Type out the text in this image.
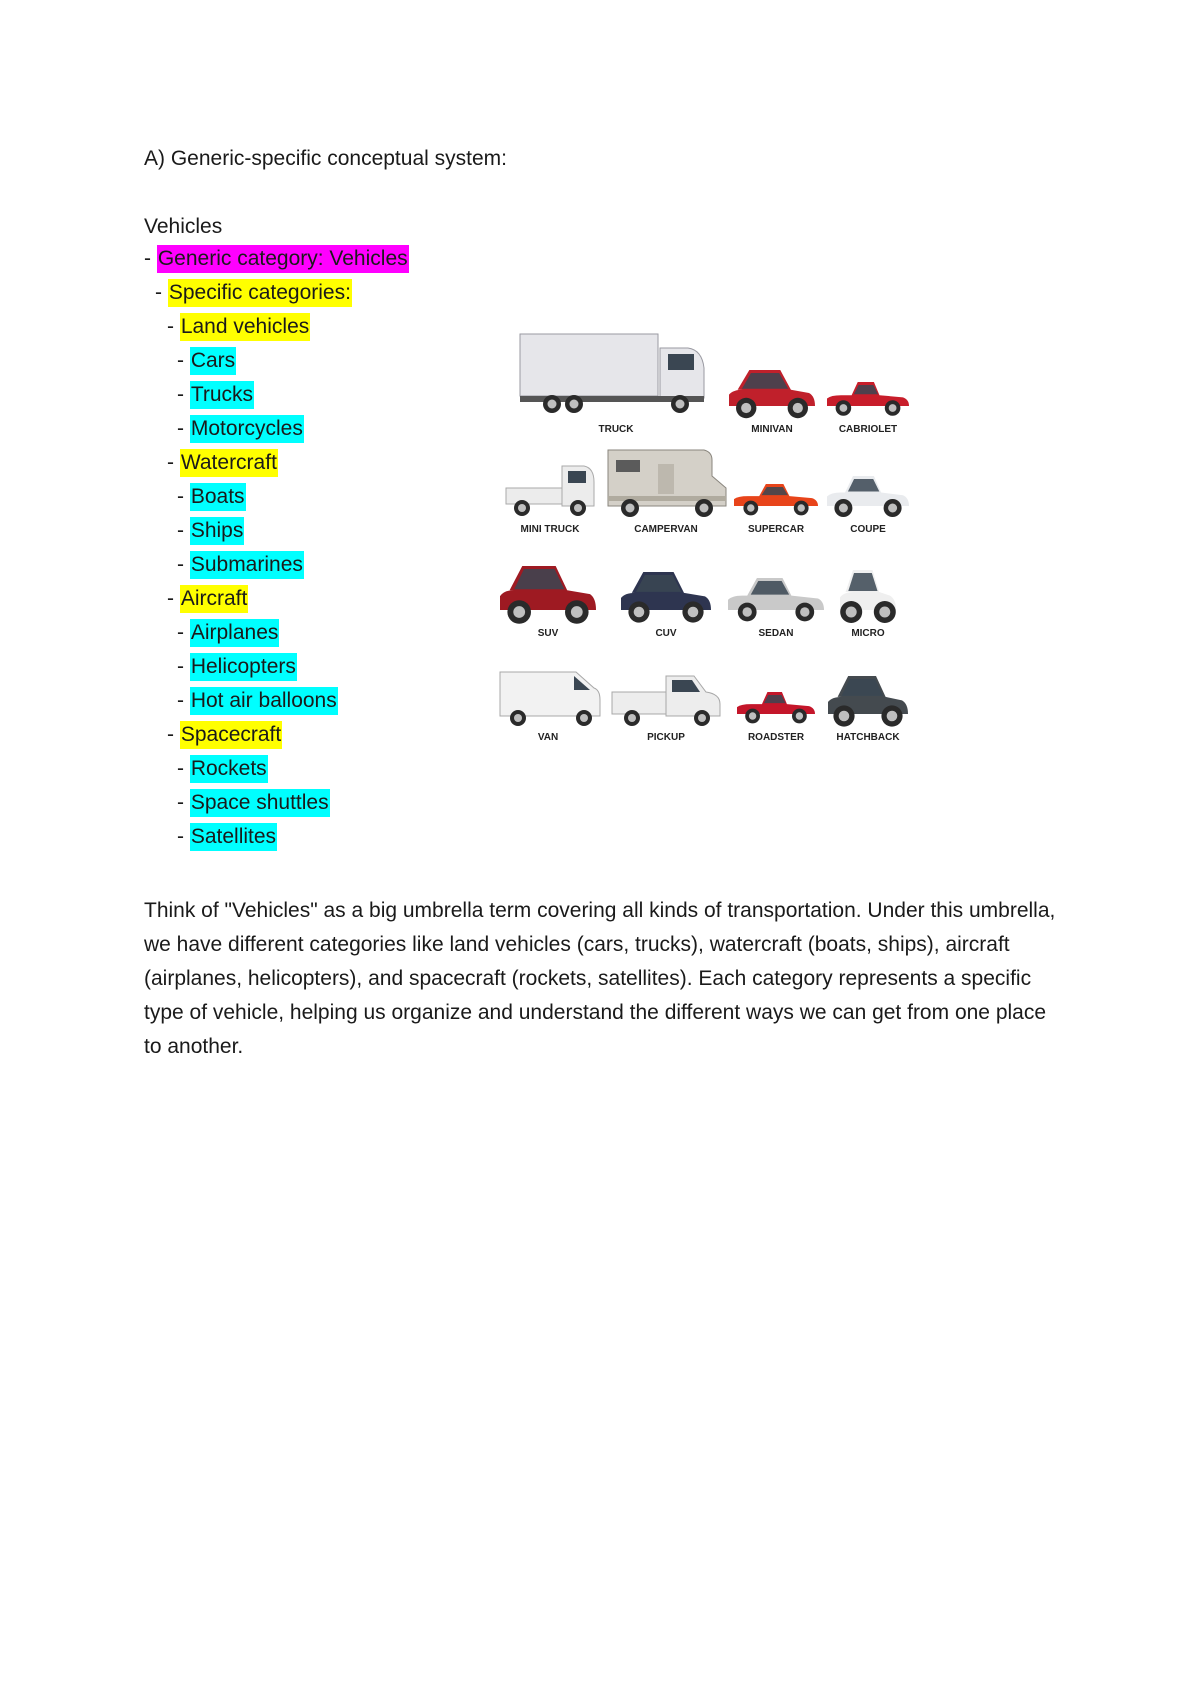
A) Generic-specific conceptual system:
Vehicles
- Generic category: Vehicles
- Specific categories:
- Land vehicles
- Cars
- Trucks
- Motorcycles
- Watercraft
- Boats
- Ships
- Submarines
- Aircraft
- Airplanes
- Helicopters
- Hot air balloons
- Spacecraft
- Rockets
- Space shuttles
- Satellites
TRUCK	MINIVAN	CABRIOLET
MINI TRUCK	CAMPERVAN	SUPERCAR	COUPE
SUV	CUV	SEDAN	MICRO
VAN	PICKUP	ROADSTER	HATCHBACK

Think of "Vehicles" as a big umbrella term covering all kinds of transportation. Under this umbrella, we have different categories like land vehicles (cars, trucks), watercraft (boats, ships), aircraft (airplanes, helicopters), and spacecraft (rockets, satellites). Each category represents a specific type of vehicle, helping us organize and understand the different ways we can get from one place to another.
